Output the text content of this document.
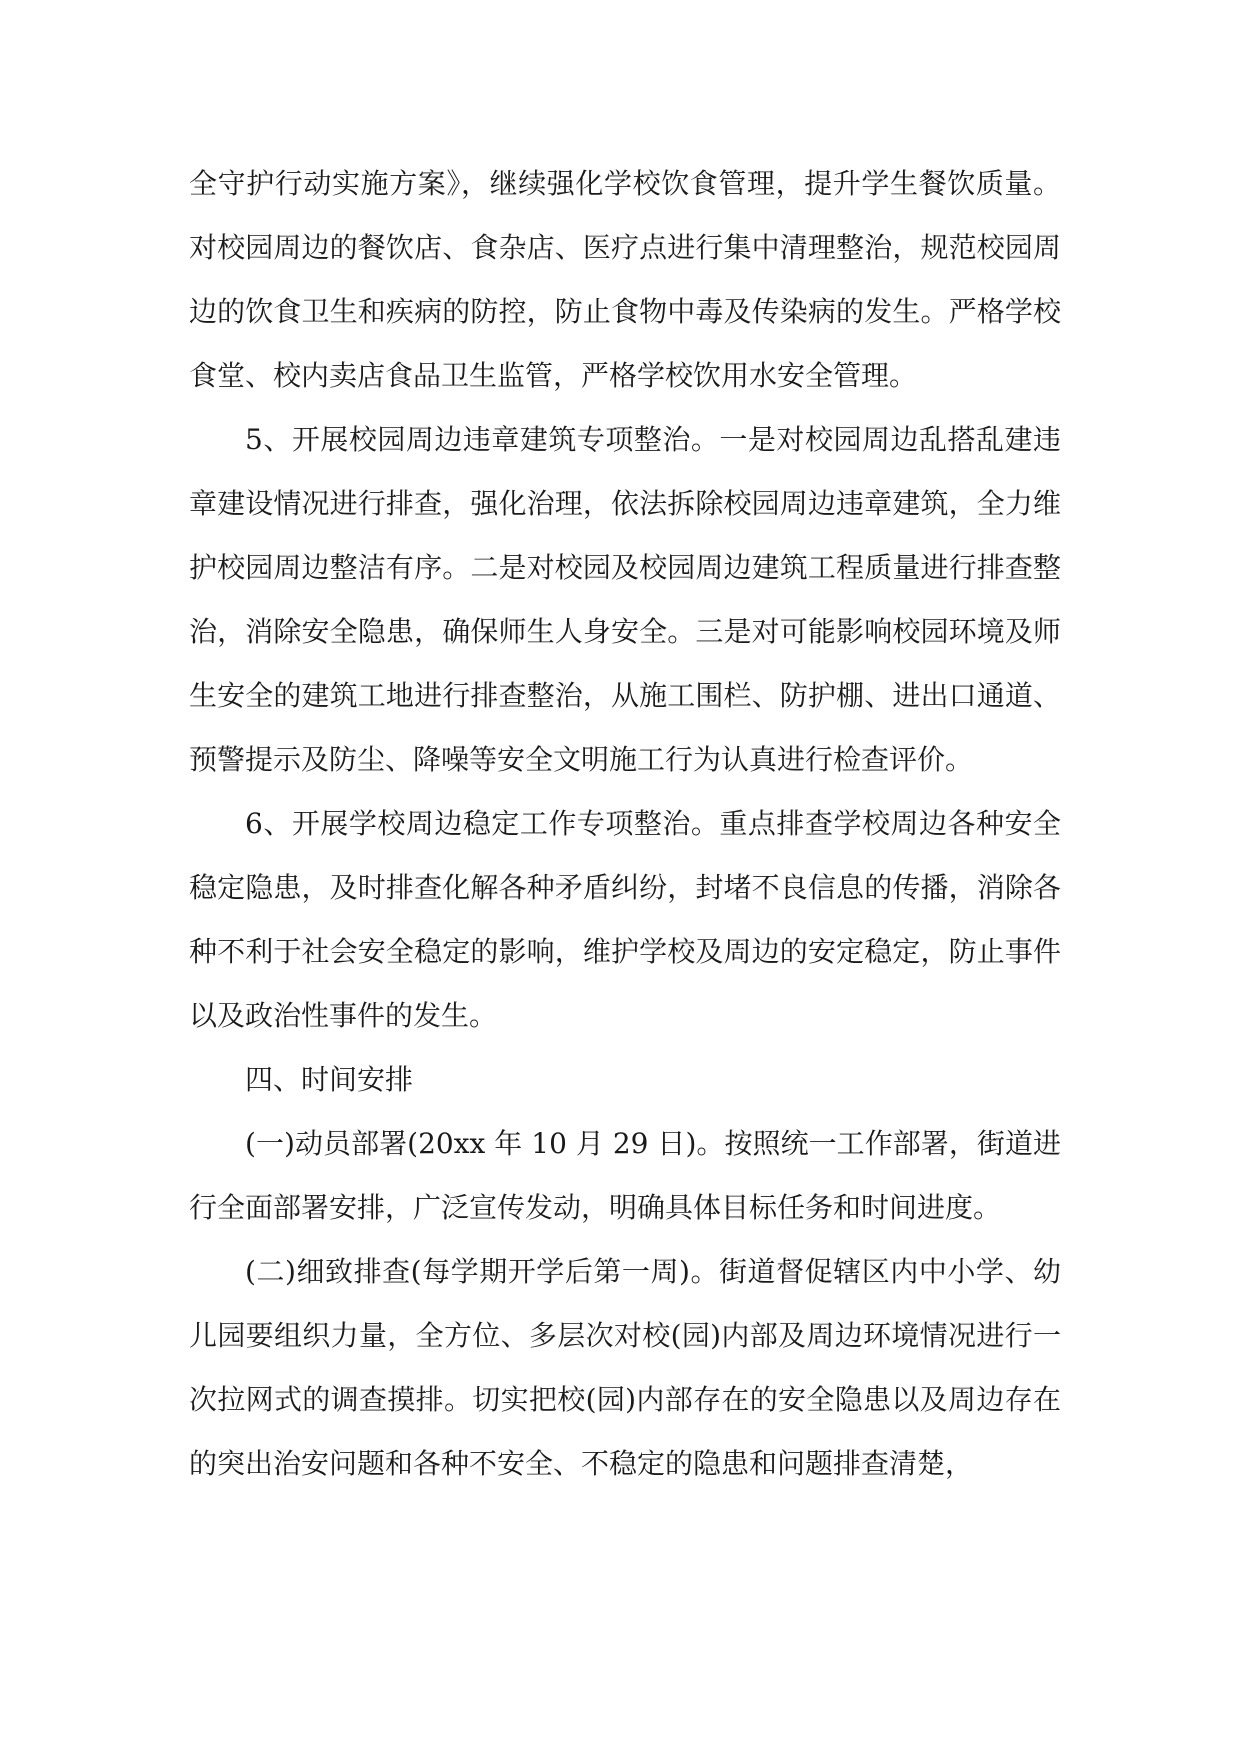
全守护行动实施方案》，继续强化学校饮食管理，提升学生餐饮质量。对校园周边的餐饮店、食杂店、医疗点进行集中清理整治，规范校园周边的饮食卫生和疾病的防控，防止食物中毒及传染病的发生。严格学校食堂、校内卖店食品卫生监管，严格学校饮用水安全管理。

5、开展校园周边违章建筑专项整治。一是对校园周边乱搭乱建违章建设情况进行排查，强化治理，依法拆除校园周边违章建筑，全力维护校园周边整洁有序。二是对校园及校园周边建筑工程质量进行排查整治，消除安全隐患，确保师生人身安全。三是对可能影响校园环境及师生安全的建筑工地进行排查整治，从施工围栏、防护棚、进出口通道、预警提示及防尘、降噪等安全文明施工行为认真进行检查评价。

6、开展学校周边稳定工作专项整治。重点排查学校周边各种安全稳定隐患，及时排查化解各种矛盾纠纷，封堵不良信息的传播，消除各种不利于社会安全稳定的影响，维护学校及周边的安定稳定，防止事件以及政治性事件的发生。

四、时间安排

(一)动员部署(20xx 年 10 月 29 日)。按照统一工作部署，街道进行全面部署安排，广泛宣传发动，明确具体目标任务和时间进度。

(二)细致排查(每学期开学后第一周)。街道督促辖区内中小学、幼儿园要组织力量，全方位、多层次对校(园)内部及周边环境情况进行一次拉网式的调查摸排。切实把校(园)内部存在的安全隐患以及周边存在的突出治安问题和各种不安全、不稳定的隐患和问题排查清楚，
